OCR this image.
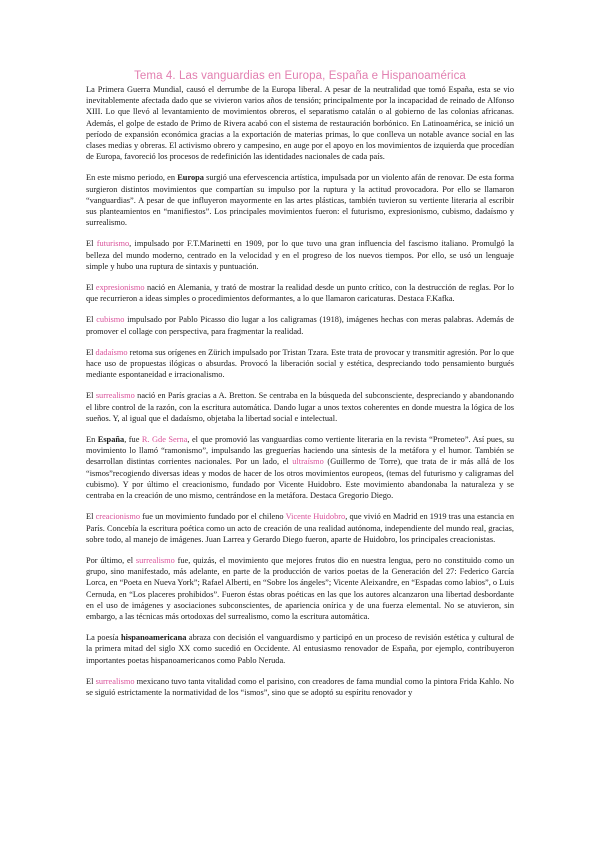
Tema 4. Las vanguardias en Europa, España e Hispanoamérica

La Primera Guerra Mundial, causó el derrumbe de la Europa liberal. A pesar de la neutralidad que tomó España, esta se vio inevitablemente afectada dado que se vivieron varios años de tensión; principalmente por la incapacidad de reinado de Alfonso XIII. Lo que llevó al levantamiento de movimientos obreros, el separatismo catalán o al gobierno de las colonias africanas. Además, el golpe de estado de Primo de Rivera acabó con el sistema de restauración borbónico. En Latinoamérica, se inició un período de expansión económica gracias a la exportación de materias primas, lo que conlleva un notable avance social en las clases medias y obreras. El activismo obrero y campesino, en auge por el apoyo en los movimientos de izquierda que procedían de Europa, favoreció los procesos de redefinición las identidades nacionales de cada país.

En este mismo periodo, en Europa surgió una efervescencia artística, impulsada por un violento afán de renovar. De esta forma surgieron distintos movimientos que compartían su impulso por la ruptura y la actitud provocadora. Por ello se llamaron “vanguardias”. A pesar de que influyeron mayormente en las artes plásticas, también tuvieron su vertiente literaria al escribir sus planteamientos en “manifiestos”. Los principales movimientos fueron: el futurismo, expresionismo, cubismo, dadaísmo y surrealismo.

El futurismo, impulsado por F.T.Marinetti en 1909, por lo que tuvo una gran influencia del fascismo italiano. Promulgó la belleza del mundo moderno, centrado en la velocidad y en el progreso de los nuevos tiempos. Por ello, se usó un lenguaje simple y hubo una ruptura de sintaxis y puntuación.

El expresionismo nació en Alemania, y trató de mostrar la realidad desde un punto crítico, con la destrucción de reglas. Por lo que recurrieron a ideas simples o procedimientos deformantes, a lo que llamaron caricaturas. Destaca F.Kafka.

El cubismo impulsado por Pablo Picasso dio lugar a los caligramas (1918), imágenes hechas con meras palabras. Además de promover el collage con perspectiva, para fragmentar la realidad.

El dadaísmo retoma sus orígenes en Zürich impulsado por Tristan Tzara. Este trata de provocar y transmitir agresión. Por lo que hace uso de propuestas ilógicas o absurdas. Provocó la liberación social y estética, despreciando todo pensamiento burgués mediante espontaneidad e irracionalismo.

El surrealismo nació en París gracias a A. Bretton. Se centraba en la búsqueda del subconsciente, despreciando y abandonando el libre control de la razón, con la escritura automática. Dando lugar a unos textos coherentes en donde muestra la lógica de los sueños. Y, al igual que el dadaísmo, objetaba la libertad social e intelectual.

En España, fue R. Gde Serna, el que promovió las vanguardias como vertiente literaria en la revista “Prometeo”. Así pues, su movimiento lo llamó “ramonismo”, impulsando las greguerías haciendo una síntesis de la metáfora y el humor. También se desarrollan distintas corrientes nacionales. Por un lado, el ultraísmo (Guillermo de Torre), que trata de ir más allá de los “ismos”recogiendo diversas ideas y modos de hacer de los otros movimientos europeos, (temas del futurismo y caligramas del cubismo). Y por último el creacionismo, fundado por Vicente Huidobro. Este movimiento abandonaba la naturaleza y se centraba en la creación de uno mismo, centrándose en la metáfora. Destaca Gregorio Diego.

El creacionismo fue un movimiento fundado por el chileno Vicente Huidobro, que vivió en Madrid en 1919 tras una estancia en París. Concebía la escritura poética como un acto de creación de una realidad autónoma, independiente del mundo real, gracias, sobre todo, al manejo de imágenes. Juan Larrea y Gerardo Diego fueron, aparte de Huidobro, los principales creacionistas.

Por último, el surrealismo fue, quizás, el movimiento que mejores frutos dio en nuestra lengua, pero no constituido como un grupo, sino manifestado, más adelante, en parte de la producción de varios poetas de la Generación del 27: Federico García Lorca, en “Poeta en Nueva York”; Rafael Alberti, en “Sobre los ángeles”; Vicente Aleixandre, en “Espadas como labios”, o Luis Cernuda, en “Los placeres prohibidos”. Fueron éstas obras poéticas en las que los autores alcanzaron una libertad desbordante en el uso de imágenes y asociaciones subconscientes, de apariencia onírica y de una fuerza elemental. No se atuvieron, sin embargo, a las técnicas más ortodoxas del surrealismo, como la escritura automática.

La poesía hispanoamericana abraza con decisión el vanguardismo y participó en un proceso de revisión estética y cultural de la primera mitad del siglo XX como sucedió en Occidente. Al entusiasmo renovador de España, por ejemplo, contribuyeron importantes poetas hispanoamericanos como Pablo Neruda.

El surrealismo mexicano tuvo tanta vitalidad como el parisino, con creadores de fama mundial como la pintora Frida Kahlo. No se siguió estrictamente la normatividad de los “ismos”, sino que se adoptó su espíritu renovador y
